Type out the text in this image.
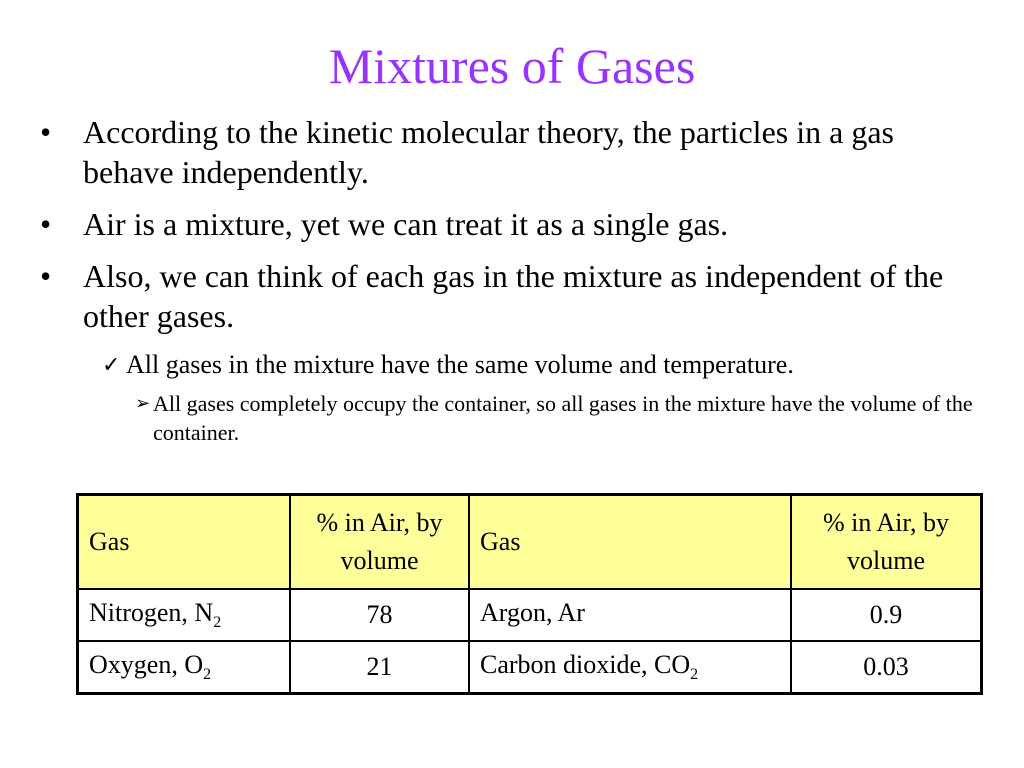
Mixtures of Gases
• According to the kinetic molecular theory, the particles in a gas behave independently.
• Air is a mixture, yet we can treat it as a single gas.
• Also, we can think of each gas in the mixture as independent of the other gases.
✓ All gases in the mixture have the same volume and temperature.
➢ All gases completely occupy the container, so all gases in the mixture have the volume of the container.
Gas	% in Air, by volume	Gas	% in Air, by volume
Nitrogen, $N_2$	78	Argon, Ar	0.9
Oxygen, $O_2$	21	Carbon dioxide, $CO_2$	0.03
